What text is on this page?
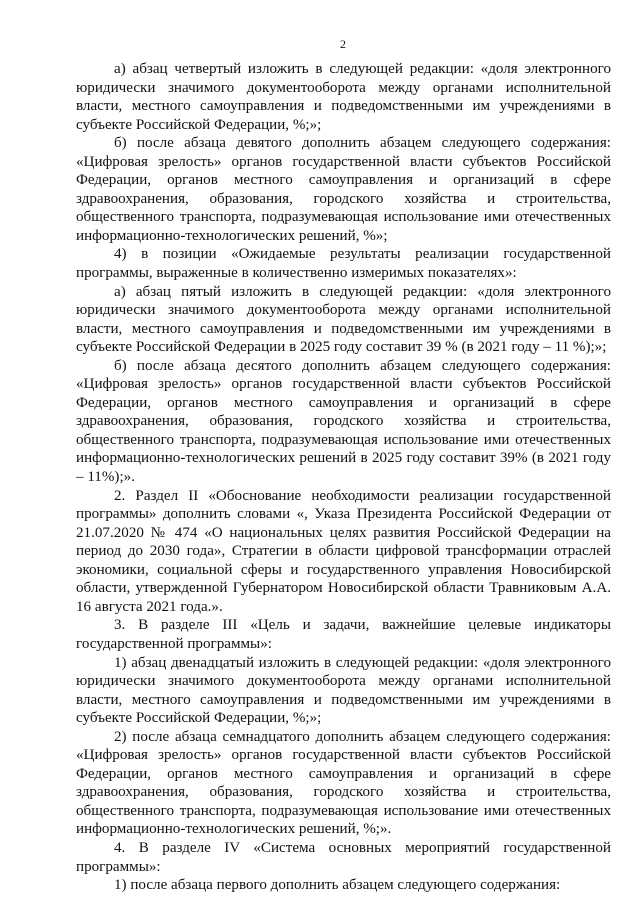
2

а) абзац четвертый изложить в следующей редакции: «доля электронного юридически значимого документооборота между органами исполнительной власти, местного самоуправления и подведомственными им учреждениями в субъекте Российской Федерации, %;»;

б) после абзаца девятого дополнить абзацем следующего содержания: «Цифровая зрелость» органов государственной власти субъектов Российской Федерации, органов местного самоуправления и организаций в сфере здравоохранения, образования, городского хозяйства и строительства, общественного транспорта, подразумевающая использование ими отечественных информационно-технологических решений, %»;

4) в позиции «Ожидаемые результаты реализации государственной программы, выраженные в количественно измеримых показателях»:

а) абзац пятый изложить в следующей редакции: «доля электронного юридически значимого документооборота между органами исполнительной власти, местного самоуправления и подведомственными им учреждениями в субъекте Российской Федерации в 2025 году составит 39 % (в 2021 году – 11 %);»;

б) после абзаца десятого дополнить абзацем следующего содержания: «Цифровая зрелость» органов государственной власти субъектов Российской Федерации, органов местного самоуправления и организаций в сфере здравоохранения, образования, городского хозяйства и строительства, общественного транспорта, подразумевающая использование ими отечественных информационно-технологических решений в 2025 году составит 39% (в 2021 году – 11%);».

2. Раздел II «Обоснование необходимости реализации государственной программы» дополнить словами «, Указа Президента Российской Федерации от 21.07.2020 № 474 «О национальных целях развития Российской Федерации на период до 2030 года», Стратегии в области цифровой трансформации отраслей экономики, социальной сферы и государственного управления Новосибирской области, утвержденной Губернатором Новосибирской области Травниковым А.А. 16 августа 2021 года.».

3. В разделе III «Цель и задачи, важнейшие целевые индикаторы государственной программы»:

1) абзац двенадцатый изложить в следующей редакции: «доля электронного юридически значимого документооборота между органами исполнительной власти, местного самоуправления и подведомственными им учреждениями в субъекте Российской Федерации, %;»;

2) после абзаца семнадцатого дополнить абзацем следующего содержания: «Цифровая зрелость» органов государственной власти субъектов Российской Федерации, органов местного самоуправления и организаций в сфере здравоохранения, образования, городского хозяйства и строительства, общественного транспорта, подразумевающая использование ими отечественных информационно-технологических решений, %;».

4. В разделе IV «Система основных мероприятий государственной программы»:

1) после абзаца первого дополнить абзацем следующего содержания:
